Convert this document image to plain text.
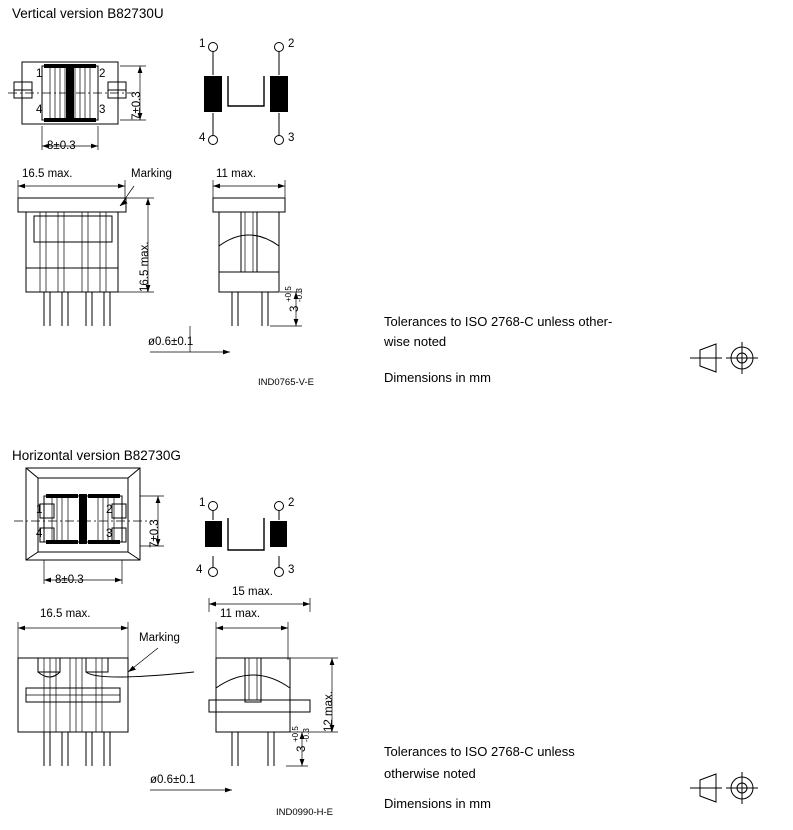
Vertical version B82730U
1	2
4	3
8±0.3
7±0.3
1	2
4	3
16.5 max.	Marking
16.5 max.
ø0.6±0.1
11 max.
3
+0.5 -0.3
IND0765-V-E
Tolerances to ISO 2768-C unless other-
wise noted
Dimensions in mm
Horizontal version B82730G
1	2
4	3
8±0.3
7±0.3
1	2
4	3
16.5 max.
Marking
ø0.6±0.1
15 max.
11 max.
12 max.
3
+0.5 -0.3
IND0990-H-E
Tolerances to ISO 2768-C unless
otherwise noted
Dimensions in mm
